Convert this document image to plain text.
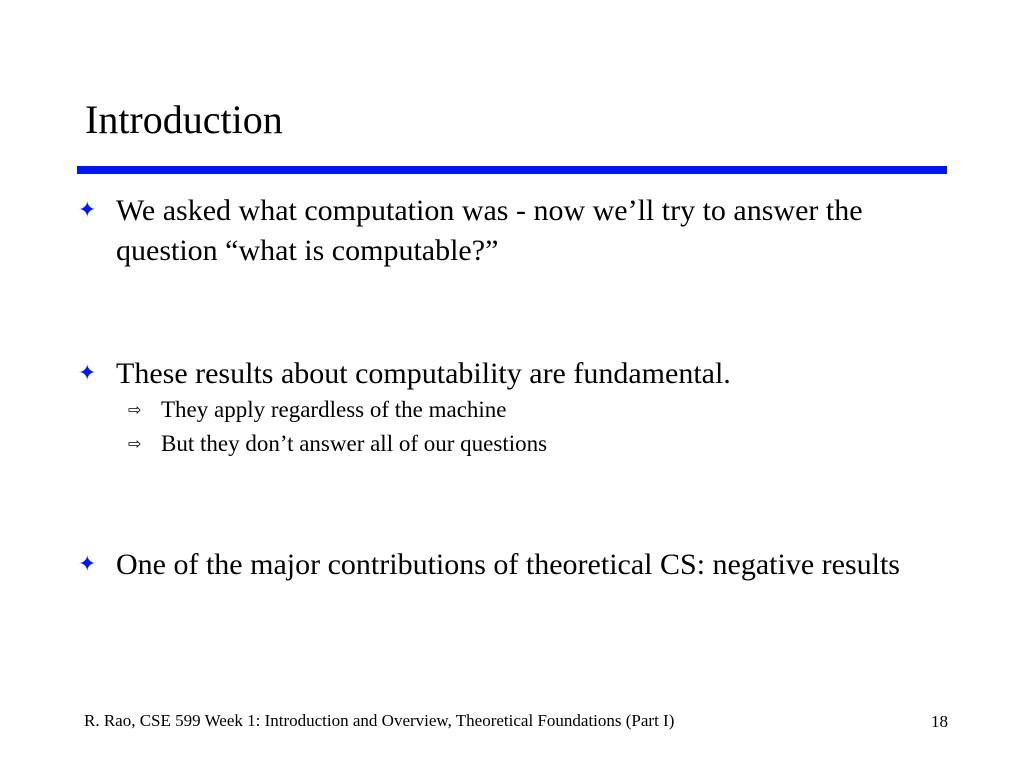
Introduction
✦ We asked what computation was - now we’ll try to answer the question “what is computable?”
✦ These results about computability are fundamental.
⇨ They apply regardless of the machine
⇨ But they don’t answer all of our questions
✦ One of the major contributions of theoretical CS: negative results
R. Rao, CSE 599 Week 1: Introduction and Overview, Theoretical Foundations (Part I)	18
